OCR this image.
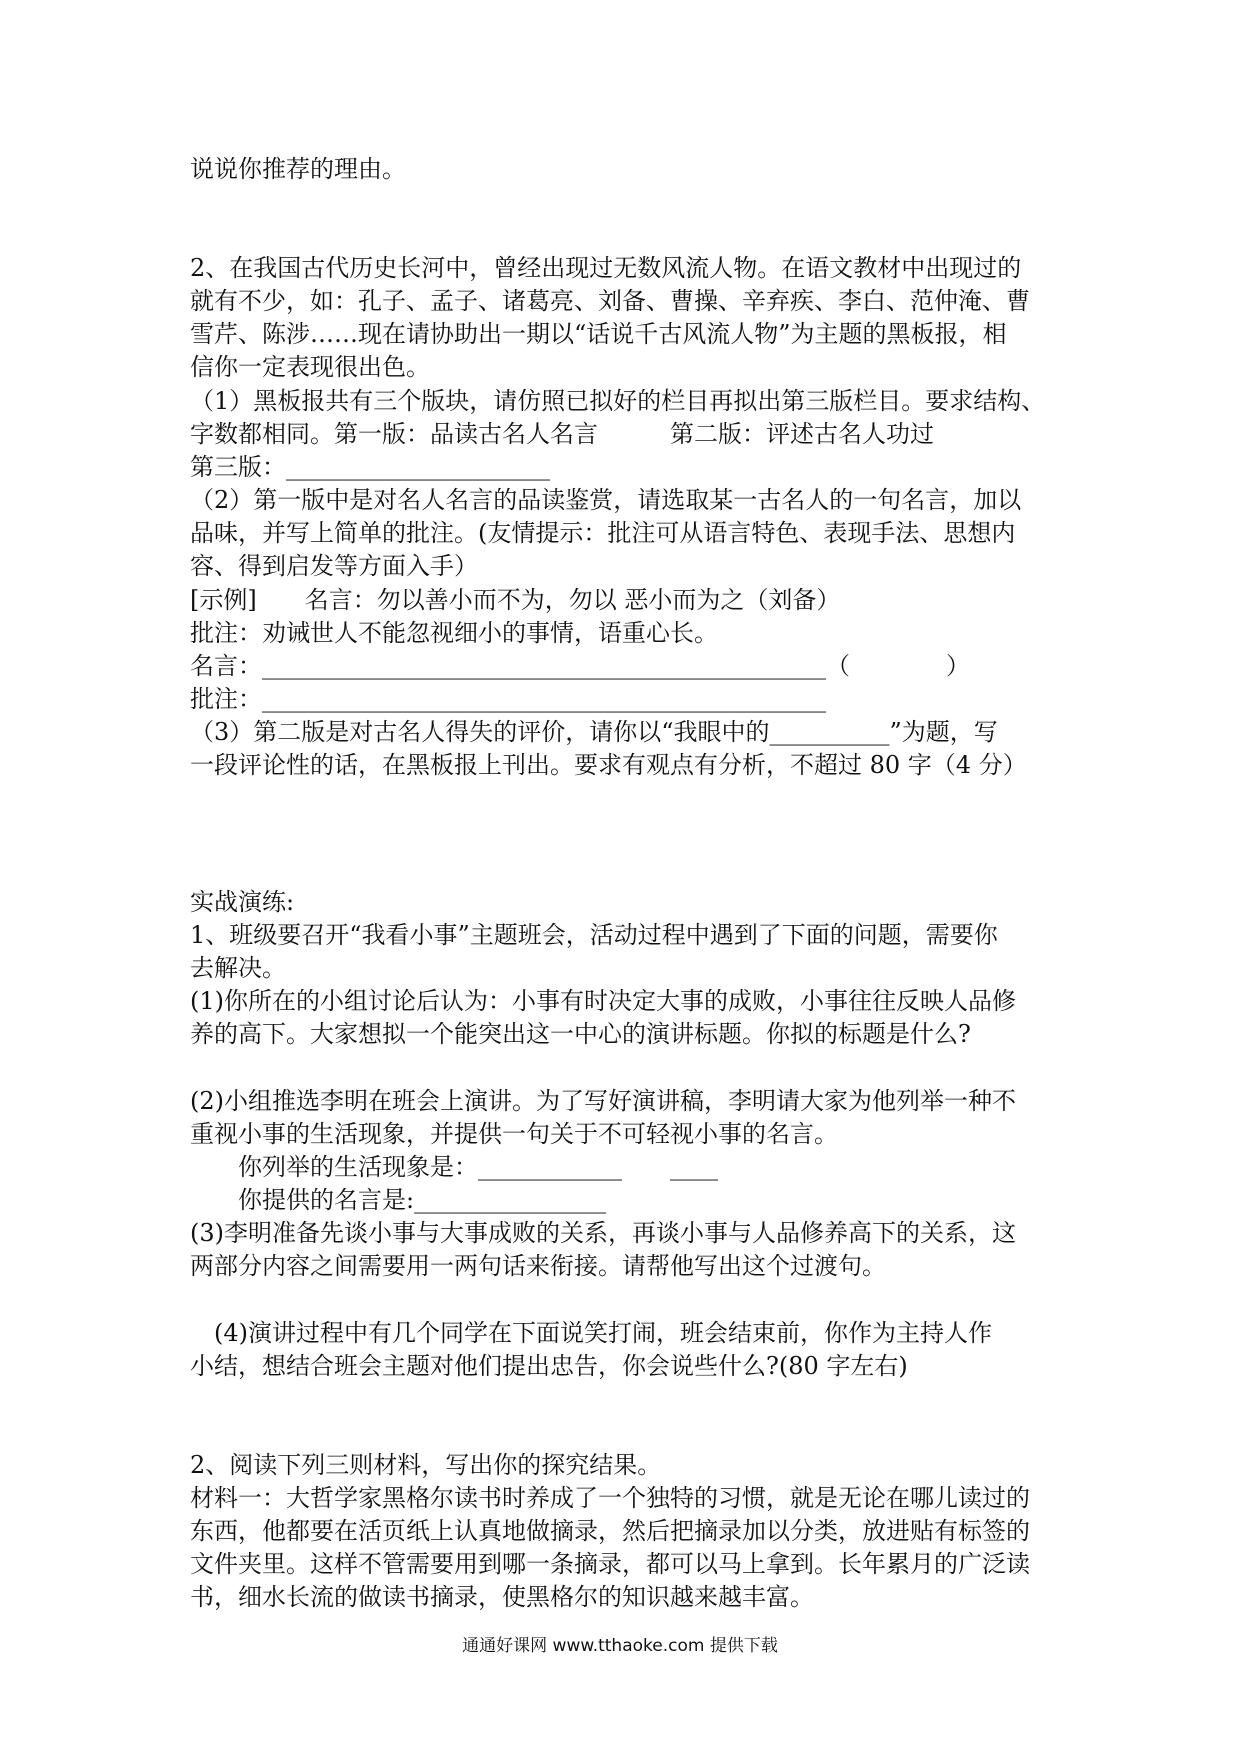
说说你推荐的理由。
2、在我国古代历史长河中，曾经出现过无数风流人物。在语文教材中出现过的
就有不少，如：孔子、孟子、诸葛亮、刘备、曹操、辛弃疾、李白、范仲淹、曹
雪芹、陈涉……现在请协助出一期以“话说千古风流人物”为主题的黑板报，相
信你一定表现很出色。
（1）黑板报共有三个版块，请仿照已拟好的栏目再拟出第三版栏目。要求结构、
字数都相同。第一版：品读古名人名言　　　第二版：评述古名人功过
第三版：______________________
（2）第一版中是对名人名言的品读鉴赏，请选取某一古名人的一句名言，加以
品味，并写上简单的批注。(友情提示：批注可从语言特色、表现手法、思想内
容、得到启发等方面入手）
[示例]　　名言：勿以善小而不为，勿以 恶小而为之（刘备）
批注：劝诫世人不能忽视细小的事情，语重心长。
名言：_______________________________________________（　　　　）
批注：_______________________________________________
（3）第二版是对古名人得失的评价，请你以“我眼中的__________”为题，写
一段评论性的话，在黑板报上刊出。要求有观点有分析，不超过 80 字（4 分）
实战演练:
1、班级要召开“我看小事”主题班会，活动过程中遇到了下面的问题，需要你
去解决。
(1)你所在的小组讨论后认为：小事有时决定大事的成败，小事往往反映人品修
养的高下。大家想拟一个能突出这一中心的演讲标题。你拟的标题是什么?
(2)小组推选李明在班会上演讲。为了写好演讲稿，李明请大家为他列举一种不
重视小事的生活现象，并提供一句关于不可轻视小事的名言。
　　你列举的生活现象是：____________　　____
　　你提供的名言是:________________
(3)李明准备先谈小事与大事成败的关系，再谈小事与人品修养高下的关系，这
两部分内容之间需要用一两句话来衔接。请帮他写出这个过渡句。
　(4)演讲过程中有几个同学在下面说笑打闹，班会结束前，你作为主持人作
小结，想结合班会主题对他们提出忠告，你会说些什么?(80 字左右)
2、阅读下列三则材料，写出你的探究结果。
材料一：大哲学家黑格尔读书时养成了一个独特的习惯，就是无论在哪儿读过的
东西，他都要在活页纸上认真地做摘录，然后把摘录加以分类，放进贴有标签的
文件夹里。这样不管需要用到哪一条摘录，都可以马上拿到。长年累月的广泛读
书，细水长流的做读书摘录，使黑格尔的知识越来越丰富。
通通好课网 www.tthaoke.com 提供下载
